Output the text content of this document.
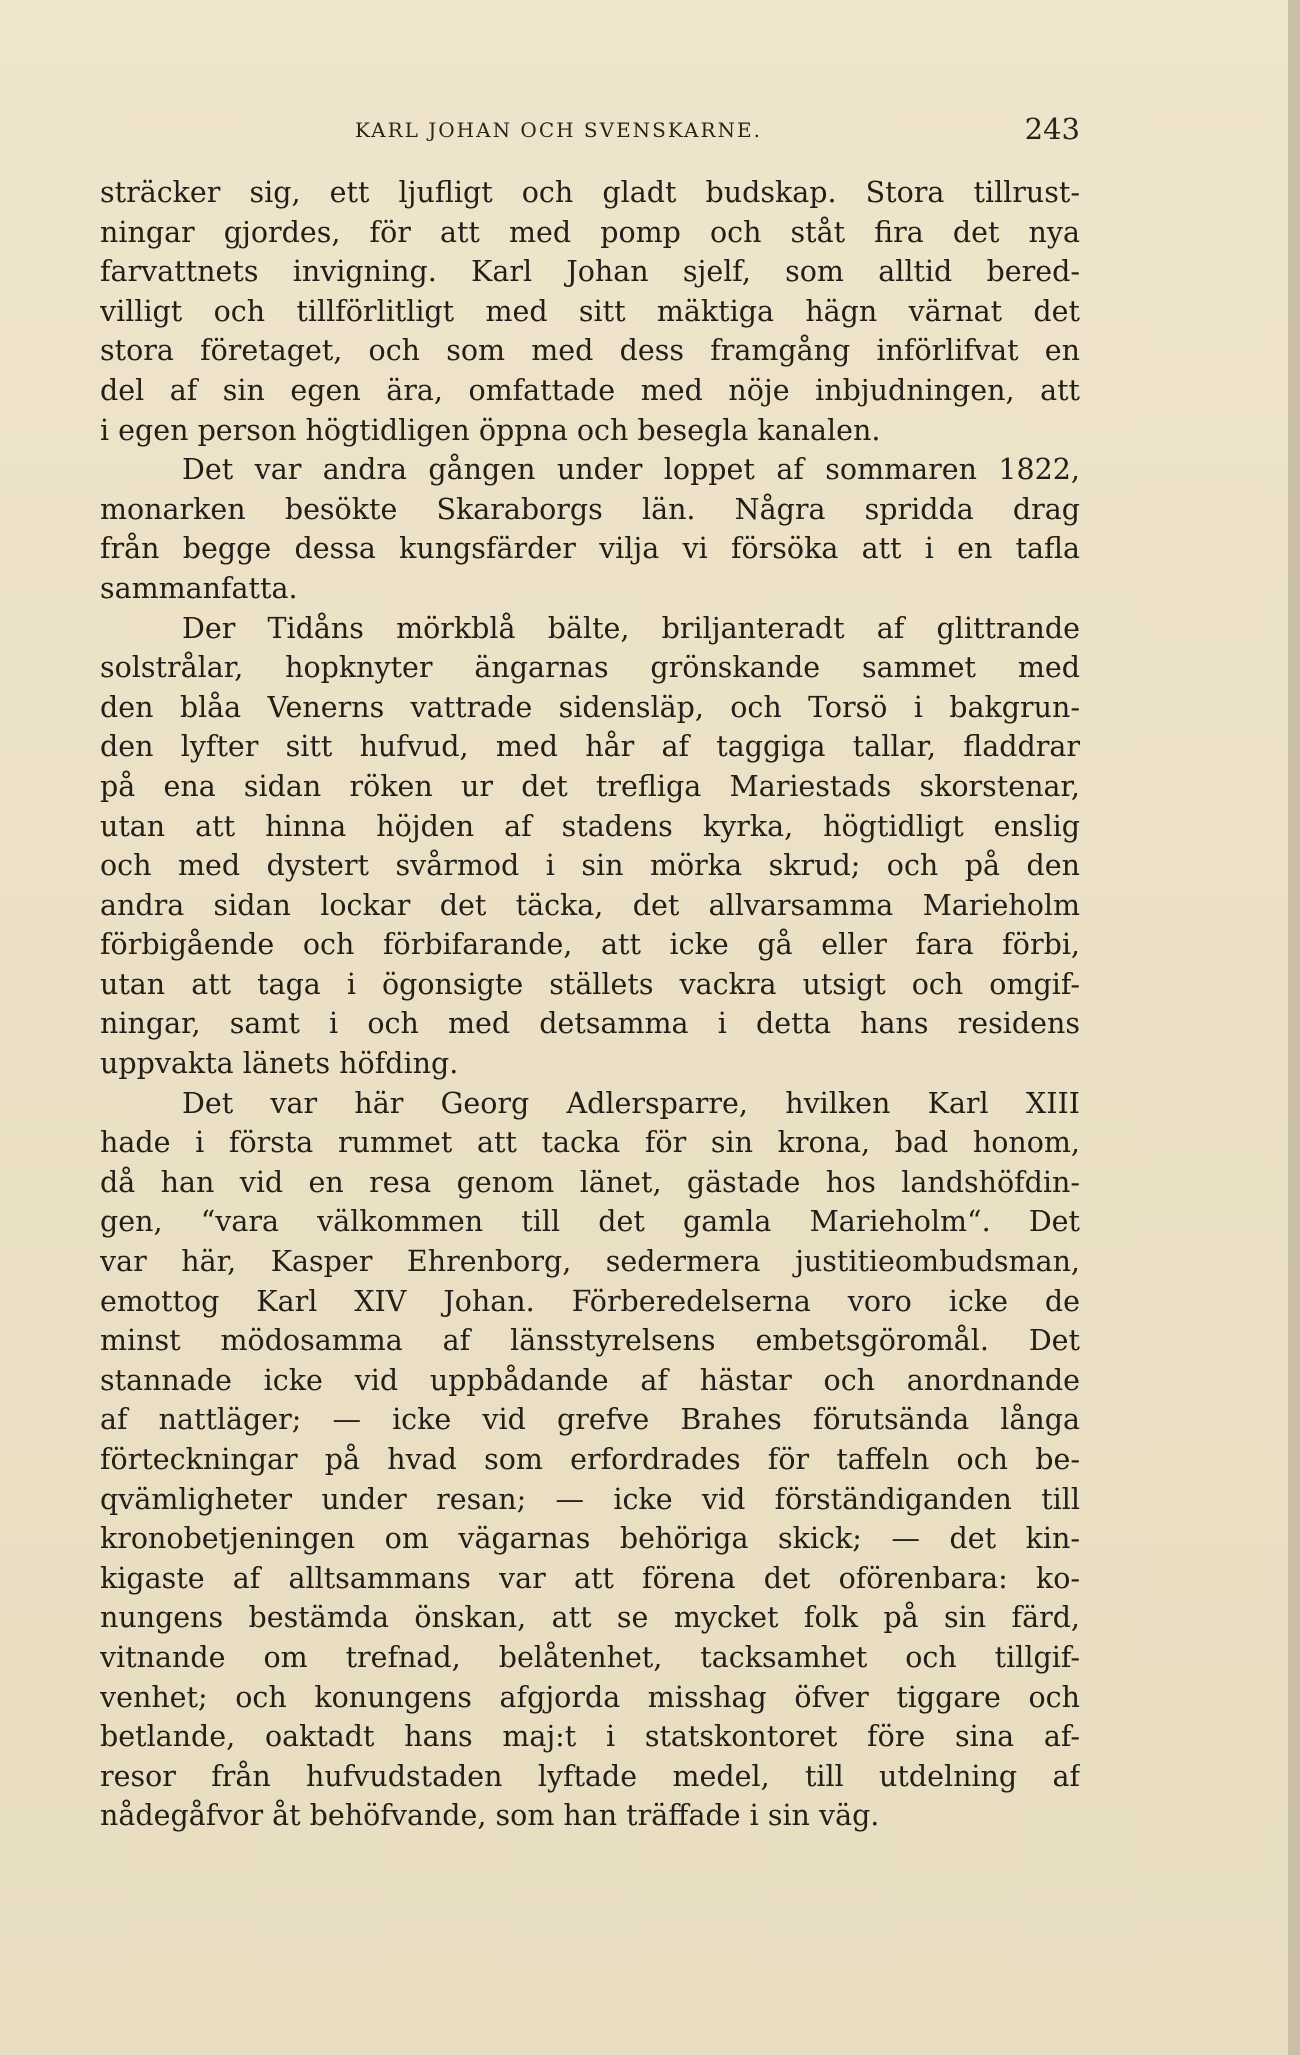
KARL JOHAN OCH SVENSKARNE.	243
sträcker sig, ett ljufligt och gladt budskap. Stora tillrust-
ningar gjordes, för att med pomp och ståt fira det nya
farvattnets invigning. Karl Johan sjelf, som alltid bered-
villigt och tillförlitligt med sitt mäktiga hägn värnat det
stora företaget, och som med dess framgång införlifvat en
del af sin egen ära, omfattade med nöje inbjudningen, att
i egen person högtidligen öppna och besegla kanalen.
Det var andra gången under loppet af sommaren 1822,
monarken besökte Skaraborgs län. Några spridda drag
från begge dessa kungsfärder vilja vi försöka att i en tafla
sammanfatta.
Der Tidåns mörkblå bälte, briljanteradt af glittrande
solstrålar, hopknyter ängarnas grönskande sammet med
den blåa Venerns vattrade sidensläp, och Torsö i bakgrun-
den lyfter sitt hufvud, med hår af taggiga tallar, fladdrar
på ena sidan röken ur det trefliga Mariestads skorstenar,
utan att hinna höjden af stadens kyrka, högtidligt enslig
och med dystert svårmod i sin mörka skrud; och på den
andra sidan lockar det täcka, det allvarsamma Marieholm
förbigående och förbifarande, att icke gå eller fara förbi,
utan att taga i ögonsigte ställets vackra utsigt och omgif-
ningar, samt i och med detsamma i detta hans residens
uppvakta länets höfding.
Det var här Georg Adlersparre, hvilken Karl XIII
hade i första rummet att tacka för sin krona, bad honom,
då han vid en resa genom länet, gästade hos landshöfdin-
gen, “vara välkommen till det gamla Marieholm“. Det
var här, Kasper Ehrenborg, sedermera justitieombudsman,
emottog Karl XIV Johan. Förberedelserna voro icke de
minst mödosamma af länsstyrelsens embetsgöromål. Det
stannade icke vid uppbådande af hästar och anordnande
af nattläger; — icke vid grefve Brahes förutsända långa
förteckningar på hvad som erfordrades för taffeln och be-
qvämligheter under resan; — icke vid förständiganden till
kronobetjeningen om vägarnas behöriga skick; — det kin-
kigaste af alltsammans var att förena det oförenbara: ko-
nungens bestämda önskan, att se mycket folk på sin färd,
vitnande om trefnad, belåtenhet, tacksamhet och tillgif-
venhet; och konungens afgjorda misshag öfver tiggare och
betlande, oaktadt hans maj:t i statskontoret före sina af-
resor från hufvudstaden lyftade medel, till utdelning af
nådegåfvor åt behöfvande, som han träffade i sin väg.
